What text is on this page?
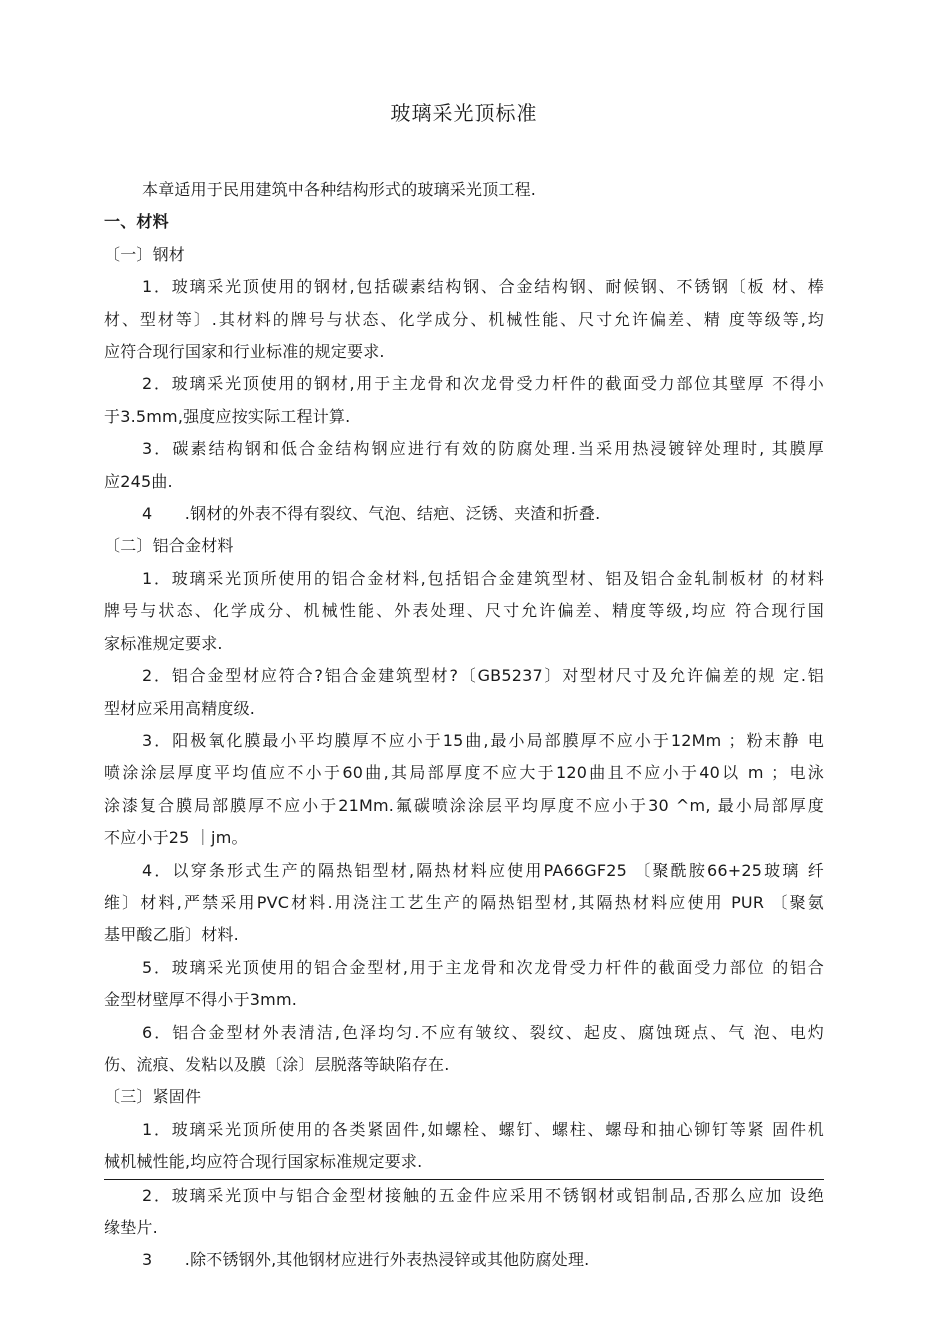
玻璃采光顶标准
本章适用于民用建筑中各种结构形式的玻璃采光顶工程.
一、材料
〔一〕钢材
1．玻璃采光顶使用的钢材,包括碳素结构钢、合金结构钢、耐候钢、不锈钢〔板 材、棒
材、型材等〕.其材料的牌号与状态、化学成分、机械性能、尺寸允许偏差、精 度等级等,均
应符合现行国家和行业标准的规定要求.
2．玻璃采光顶使用的钢材,用于主龙骨和次龙骨受力杆件的截面受力部位其壁厚 不得小
于3.5mm,强度应按实际工程计算.
3．碳素结构钢和低合金结构钢应进行有效的防腐处理.当采用热浸镀锌处理时, 其膜厚
应245曲.
4　　.钢材的外表不得有裂纹、气泡、结疤、泛锈、夹渣和折叠.
〔二〕铝合金材料
1．玻璃采光顶所使用的铝合金材料,包括铝合金建筑型材、铝及铝合金轧制板材 的材料
牌号与状态、化学成分、机械性能、外表处理、尺寸允许偏差、精度等级,均应 符合现行国
家标准规定要求.
2．铝合金型材应符合?铝合金建筑型材?〔GB5237〕对型材尺寸及允许偏差的规 定.铝
型材应采用高精度级.
3．阳极氧化膜最小平均膜厚不应小于15曲,最小局部膜厚不应小于12Mm ；粉末静 电
喷涂涂层厚度平均值应不小于60曲,其局部厚度不应大于120曲且不应小于40以 m ；电泳
涂漆复合膜局部膜厚不应小于21Mm.氟碳喷涂涂层平均厚度不应小于30 ^m, 最小局部厚度
不应小于25 ｜jm。
4．以穿条形式生产的隔热铝型材,隔热材料应使用PA66GF25 〔聚酰胺66+25玻璃 纤
维〕材料,严禁采用PVC材料.用浇注工艺生产的隔热铝型材,其隔热材料应使用 PUR 〔聚氨
基甲酸乙脂〕材料.
5．玻璃采光顶使用的铝合金型材,用于主龙骨和次龙骨受力杆件的截面受力部位 的铝合
金型材壁厚不得小于3mm.
6．铝合金型材外表清洁,色泽均匀.不应有皱纹、裂纹、起皮、腐蚀斑点、气 泡、电灼
伤、流痕、发粘以及膜〔涂〕层脱落等缺陷存在.
〔三〕紧固件
1．玻璃采光顶所使用的各类紧固件,如螺栓、螺钉、螺柱、螺母和抽心铆钉等紧 固件机
械机械性能,均应符合现行国家标准规定要求.
2．玻璃采光顶中与铝合金型材接触的五金件应采用不锈钢材或铝制品,否那么应加 设绝
缘垫片.
3　　.除不锈钢外,其他钢材应进行外表热浸锌或其他防腐处理.
